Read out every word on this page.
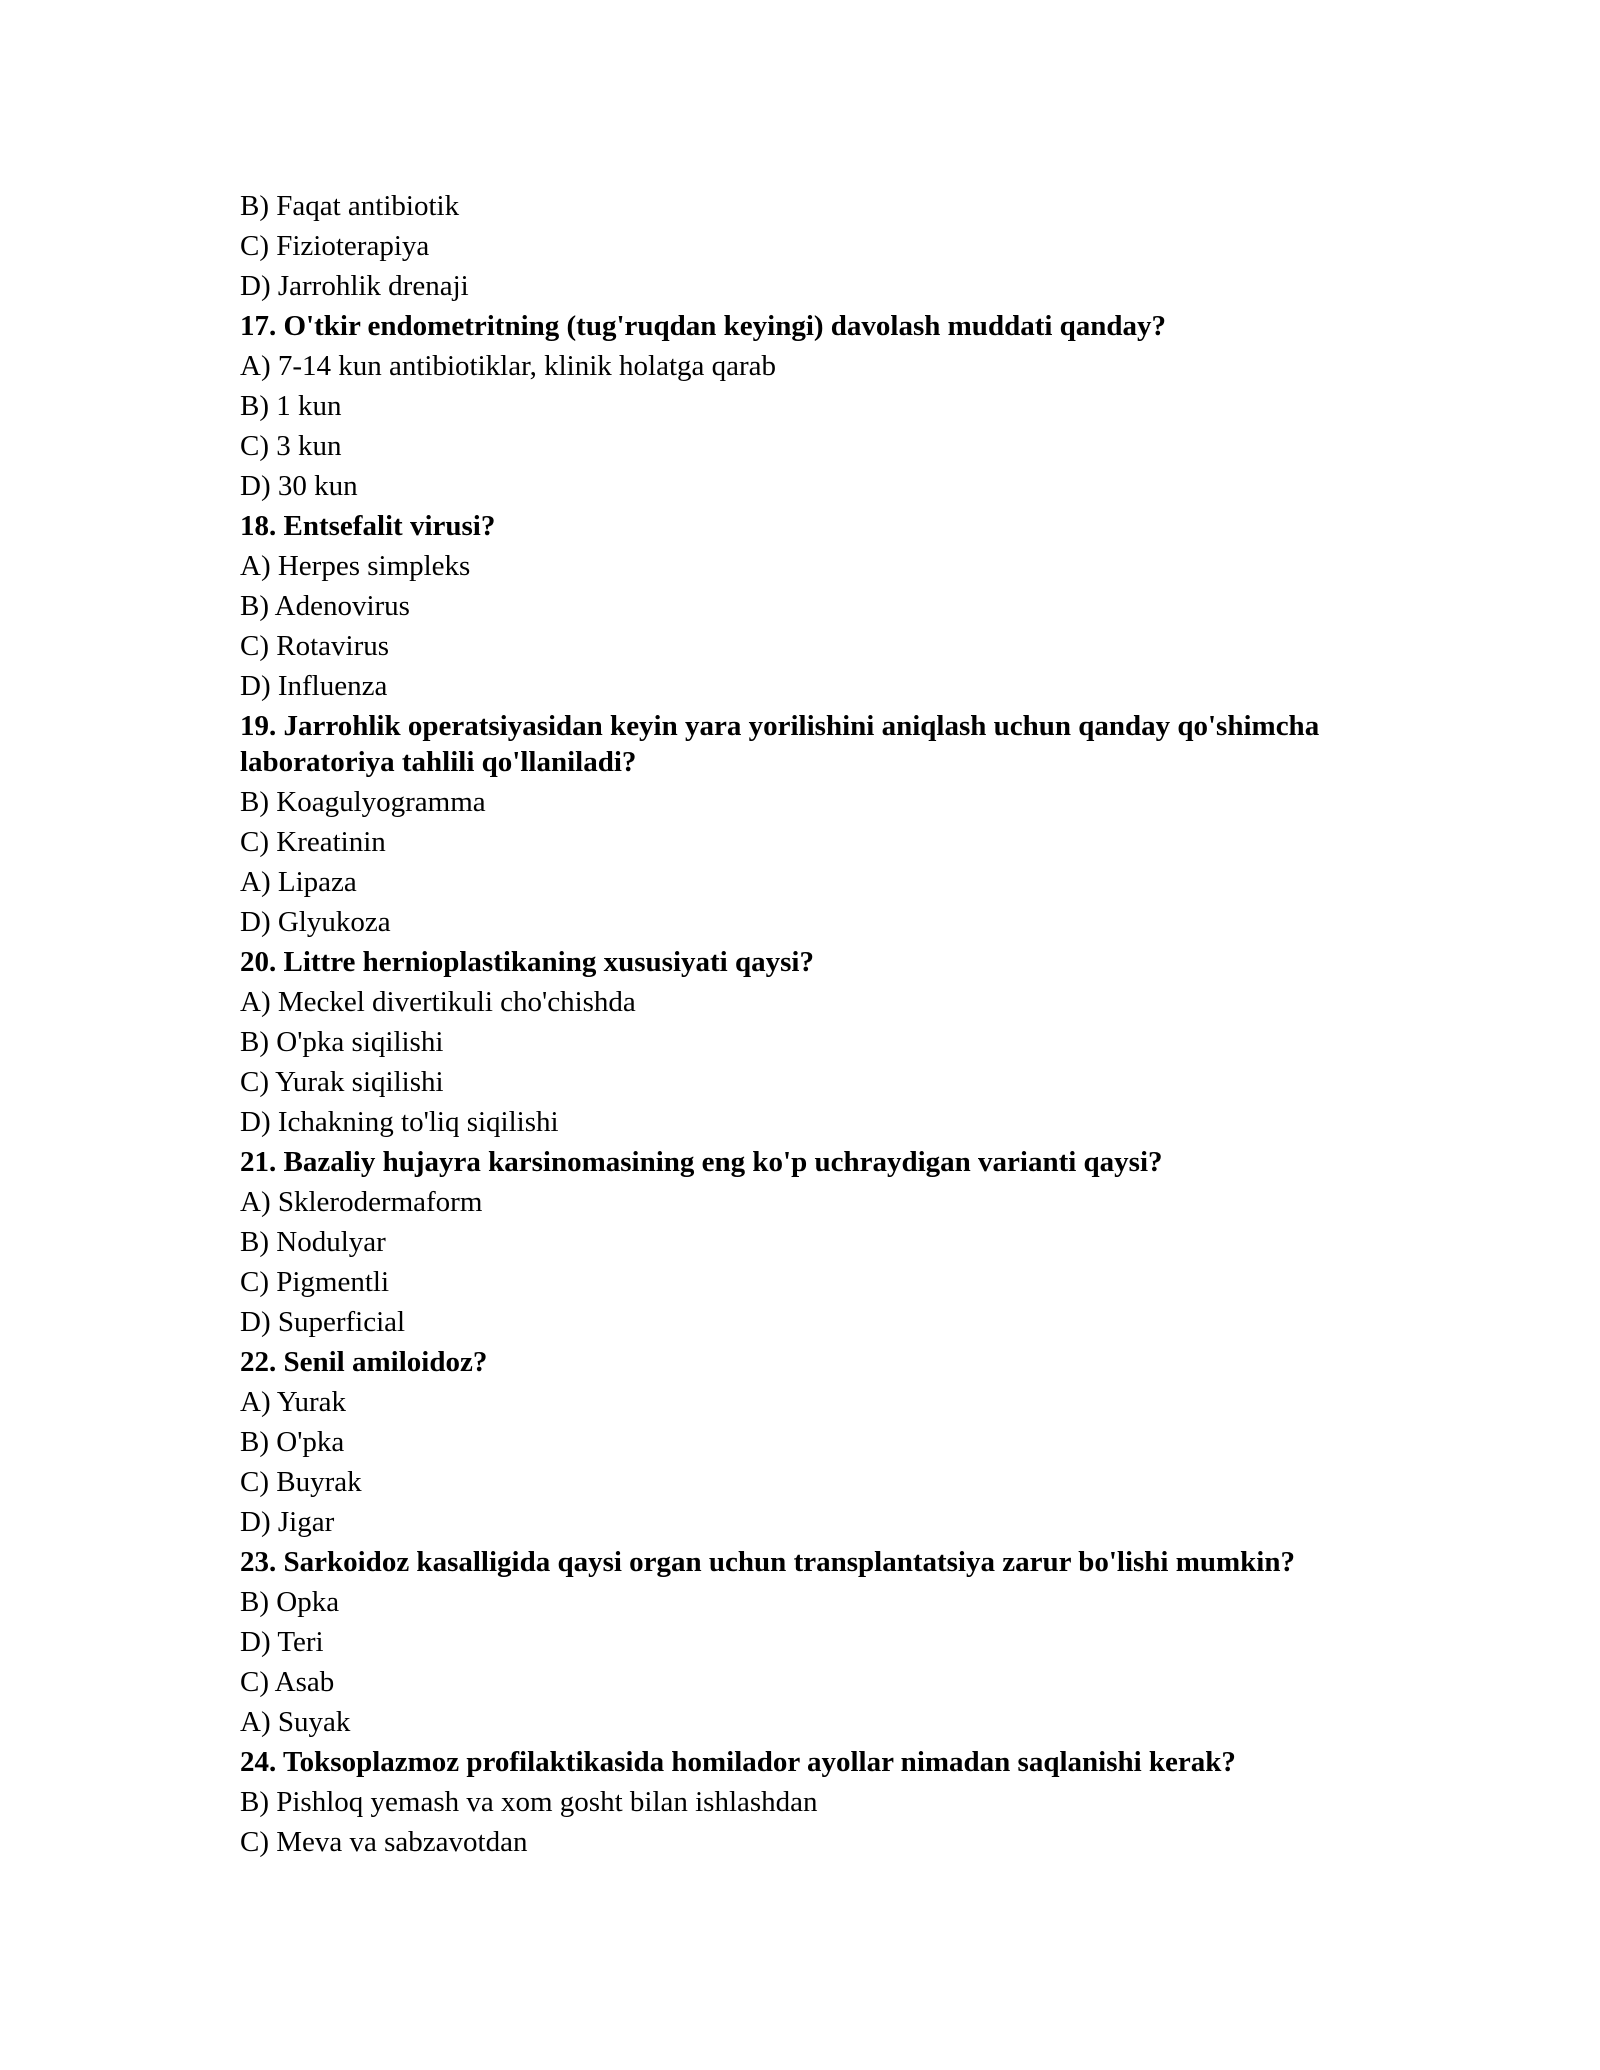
B) Faqat antibiotik
C) Fizioterapiya
D) Jarrohlik drenaji
17. O'tkir endometritning (tug'ruqdan keyingi) davolash muddati qanday?
A) 7-14 kun antibiotiklar, klinik holatga qarab
B) 1 kun
C) 3 kun
D) 30 kun
18. Entsefalit virusi?
A) Herpes simpleks
B) Adenovirus
C) Rotavirus
D) Influenza
19. Jarrohlik operatsiyasidan keyin yara yorilishini aniqlash uchun qanday qo'shimcha laboratoriya tahlili qo'llaniladi?
B) Koagulyogramma
C) Kreatinin
A) Lipaza
D) Glyukoza
20. Littre hernioplastikaning xususiyati qaysi?
A) Meckel divertikuli cho'chishda
B) O'pka siqilishi
C) Yurak siqilishi
D) Ichakning to'liq siqilishi
21. Bazaliy hujayra karsinomasining eng ko'p uchraydigan varianti qaysi?
A) Sklerodermaform
B) Nodulyar
C) Pigmentli
D) Superficial
22. Senil amiloidoz?
A) Yurak
B) O'pka
C) Buyrak
D) Jigar
23. Sarkoidoz kasalligida qaysi organ uchun transplantatsiya zarur bo'lishi mumkin?
B) Opka
D) Teri
C) Asab
A) Suyak
24. Toksoplazmoz profilaktikasida homilador ayollar nimadan saqlanishi kerak?
B) Pishloq yemash va xom gosht bilan ishlashdan
C) Meva va sabzavotdan
